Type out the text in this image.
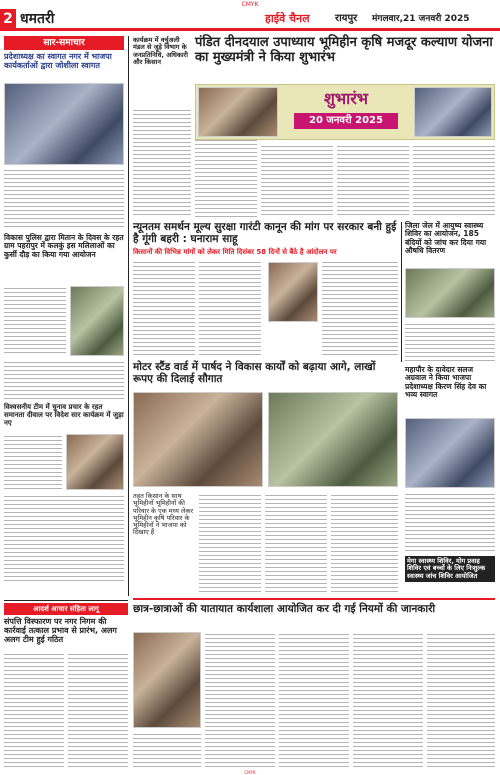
CMYK
2 धमतरी	हाईवे चैनल	रायपुर मंगलवार,21 जनवरी 2025
सार-समाचार
प्रदेशाध्यक्ष का स्वागत नगर में भाजपा कार्यकर्ताओं द्वारा जोशीला स्वागत
विकास पुलिस द्वारा मितान के दिवस के रहत ग्राम पहरापुर में कलकुं इस मलिलाओं का कुर्सी दौड़ का किया गया आयोजन
विश्वसनीय टीम में चुनाव प्रचार के रहत समानता दीवाल पर विदेश सार कार्यक्रम में जुड़ा नए
कार्यक्रम में वर्चुअली मंडल से जुड़े विभाग के जनप्रतिनिधि, अधिकारी और किसान
पंडित दीनदयाल उपाध्याय भूमिहीन कृषि मजदूर कल्याण योजना का मुख्यमंत्री ने किया शुभारंभ
शुभारंभ
20 जनवरी 2025
न्यूनतम समर्थन मूल्य सुरक्षा गारंटी कानून की मांग पर सरकार बनी हुई है गूंगी बहरी : घनाराम साहू
किसानों की विभिन्न मांगों को लेकर मिति दिसंबर 58 दिनों से बैठे है आंदोलन पर
जिला जेल में आयुष्य स्वास्थ्य शिविर का आयोजन, 185 बंदियों को जांच कर दिया गया औषधि वितरण
मोटर स्टैंड वार्ड में पार्षद ने विकास कार्यों को बढ़ाया आगे, लाखों रूपए की दिलाई सौगात
तहत किसान के साथ भूमिहीनों भूमिहीनों की परिवार के एक मध्य लेकर भूमिहीन कृषि परिवार के भूमिहीनों ने भाजपा को दिखाए हैं
महापौर के दावेदार सलज अग्रवाल ने किया भाजपा प्रदेशाध्यक्ष किरण सिंह देव का भव्य स्वागत
मेगा स्वास्थ्य शिविर, योग प्रवाह शिविर एवं बच्चों के लिए निःशुल्क स्वास्थ्य जांच शिविर आयोजित
आदर्श आचार संहिता लागू
संपत्ति विस्फारण पर नगर निगम की कार्रवाई तत्काल प्रभाव से प्रारंभ, अलग अलग टीम हुई गठित
छात्र-छात्राओं की यातायात कार्यशाला आयोजित कर दी गई नियमों की जानकारी
CMYK
